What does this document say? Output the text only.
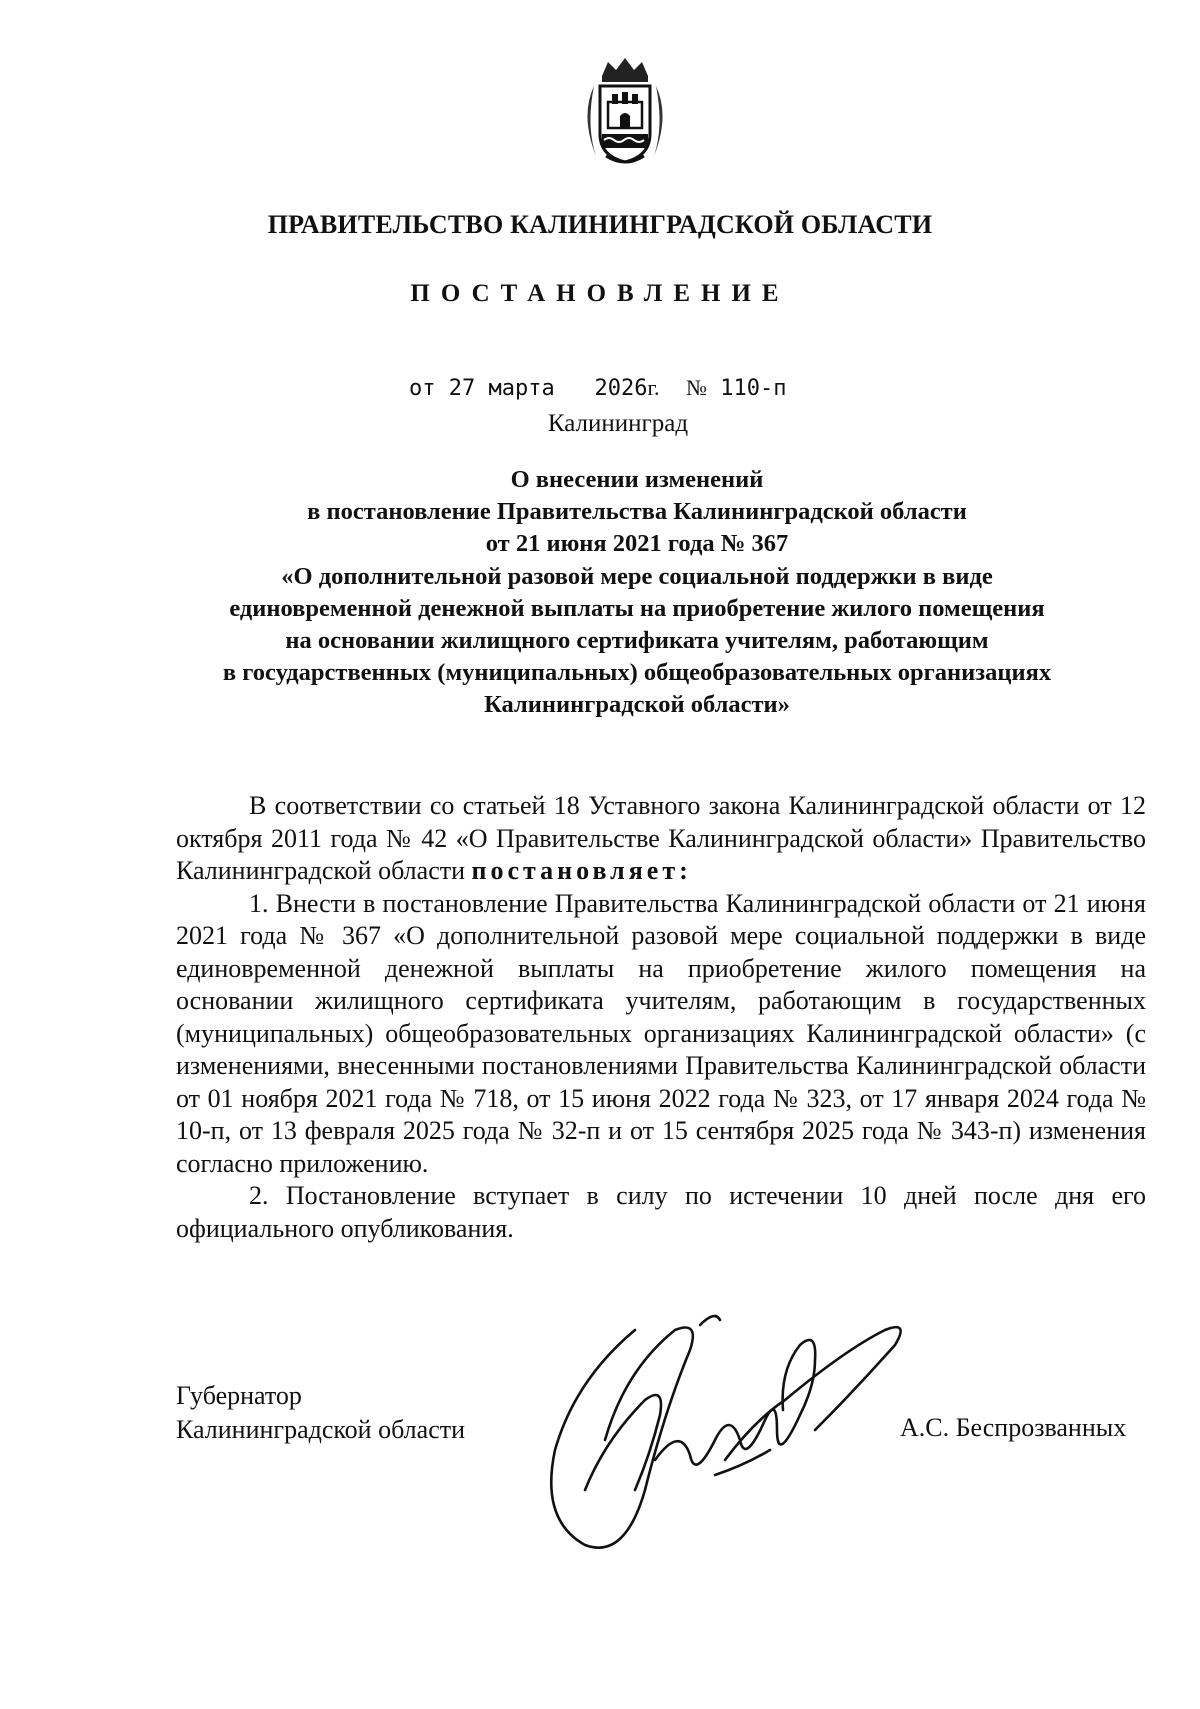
ПРАВИТЕЛЬСТВО КАЛИНИНГРАДСКОЙ ОБЛАСТИ
ПОСТАНОВЛЕНИЕ
от 27 марта 2026г. № 110-п
Калининград
О внесении изменений
в постановление Правительства Калининградской области
от 21 июня 2021 года № 367
«О дополнительной разовой мере социальной поддержки в виде
единовременной денежной выплаты на приобретение жилого помещения
на основании жилищного сертификата учителям, работающим
в государственных (муниципальных) общеобразовательных организациях
Калининградской области»

В соответствии со статьей 18 Уставного закона Калининградской области от 12 октября 2011 года № 42 «О Правительстве Калининградской области» Правительство Калининградской области постановляет:

1. Внести в постановление Правительства Калининградской области от 21 июня 2021 года № 367 «О дополнительной разовой мере социальной поддержки в виде единовременной денежной выплаты на приобретение жилого помещения на основании жилищного сертификата учителям, работающим в государственных (муниципальных) общеобразовательных организациях Калининградской области» (с изменениями, внесенными постановлениями Правительства Калининградской области от 01 ноября 2021 года № 718, от 15 июня 2022 года № 323, от 17 января 2024 года № 10-п, от 13 февраля 2025 года № 32-п и от 15 сентября 2025 года № 343-п) изменения согласно приложению.

2. Постановление вступает в силу по истечении 10 дней после дня его официального опубликования.

Губернатор
Калининградской области	А.С. Беспрозванных
